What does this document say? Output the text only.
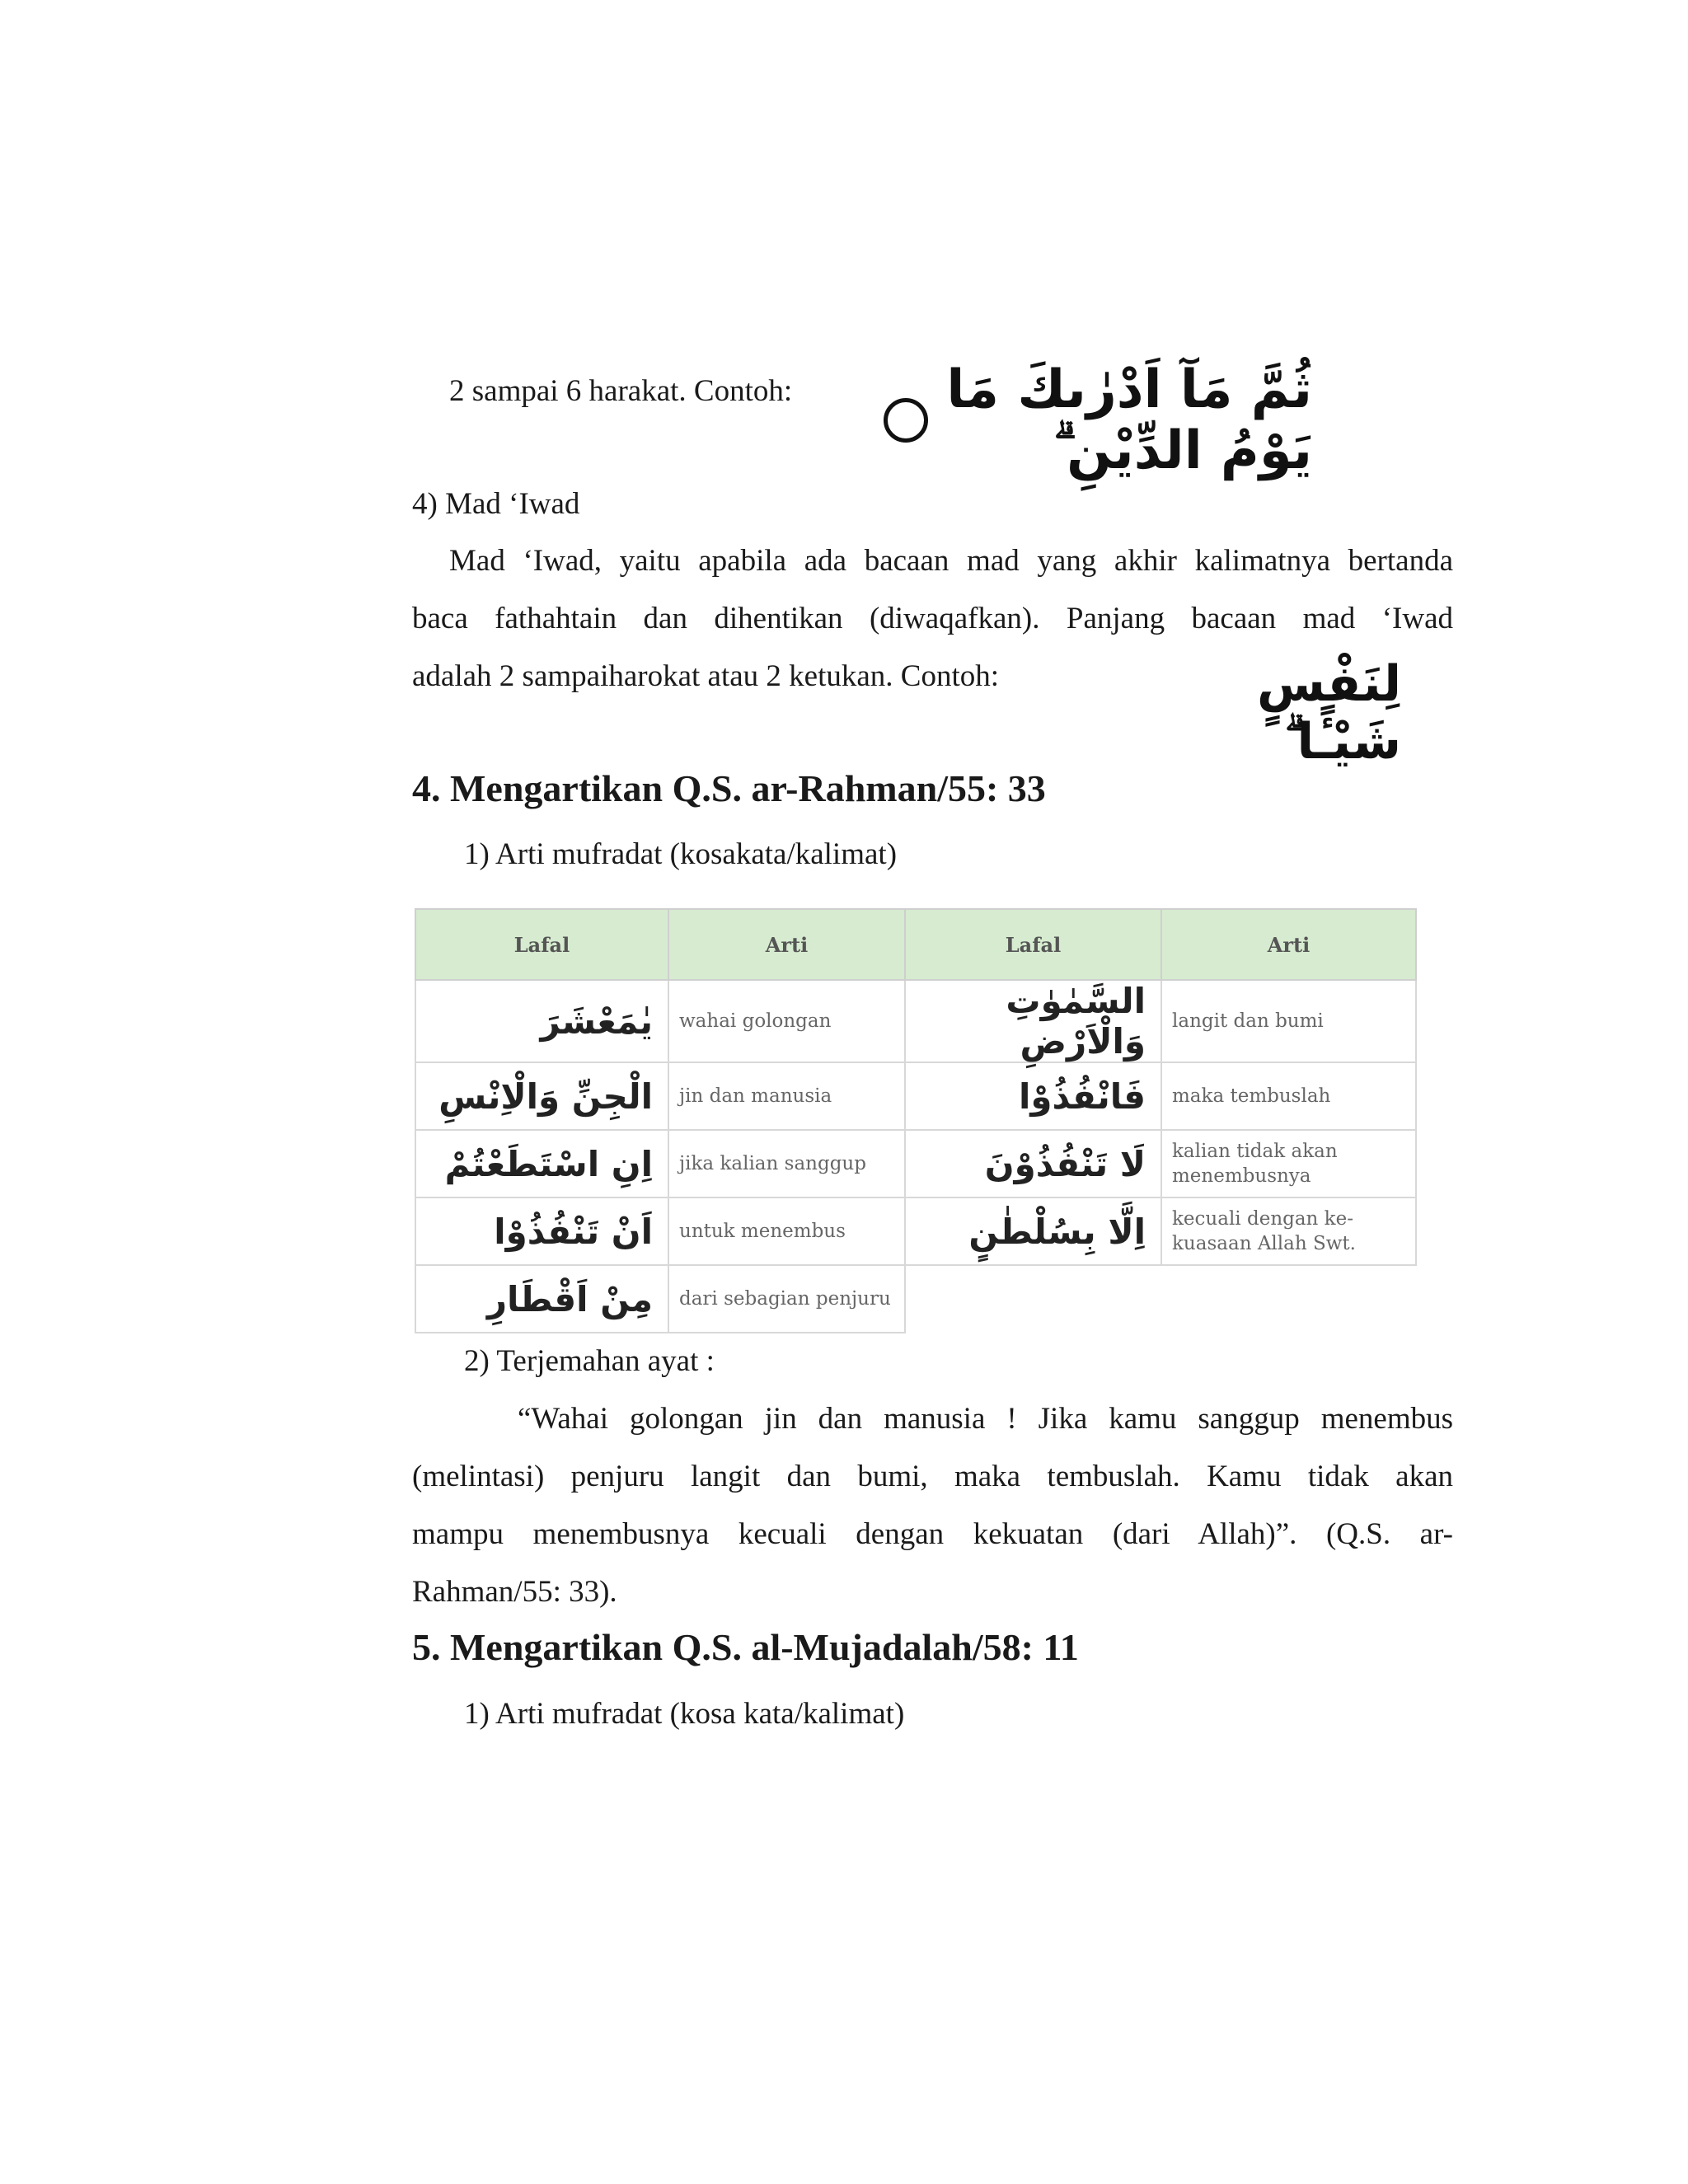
2 sampai 6 harakat. Contoh:	ثُمَّ مَآ اَدْرٰىكَ مَا يَوْمُ الدِّيْنِ ۗ
4) Mad ‘Iwad
Mad ‘Iwad, yaitu apabila ada bacaan mad yang akhir kalimatnya bertanda
baca fathahtain dan dihentikan (diwaqafkan). Panjang bacaan mad ‘Iwad
adalah 2 sampaiharokat atau 2 ketukan. Contoh:	لِنَفْسٍ شَيْـًٔا ۗ
4. Mengartikan Q.S. ar-Rahman/55: 33
1) Arti mufradat (kosakata/kalimat)
Lafal	Arti	Lafal	Arti
يٰمَعْشَرَ	wahai golongan	السَّمٰوٰتِ وَالْاَرْضِ	langit dan bumi

الْجِنِّ وَالْاِنْسِ	jin dan manusia	فَانْفُذُوْا	maka tembuslah

اِنِ اسْتَطَعْتُمْ	jika kalian sanggup	لَا تَنْفُذُوْنَ	kalian tidak akan
menembusnya

اَنْ تَنْفُذُوْا	untuk menembus	اِلَّا بِسُلْطٰنٍ	kecuali dengan ke-
kuasaan Allah Swt.

مِنْ اَقْطَارِ	dari sebagian penjuru		
2) Terjemahan ayat :
“Wahai golongan jin dan manusia ! Jika kamu sanggup menembus
(melintasi) penjuru langit dan bumi, maka tembuslah. Kamu tidak akan
mampu menembusnya kecuali dengan kekuatan (dari Allah)”. (Q.S. ar-
Rahman/55: 33).
5. Mengartikan Q.S. al-Mujadalah/58: 11
1) Arti mufradat (kosa kata/kalimat)
